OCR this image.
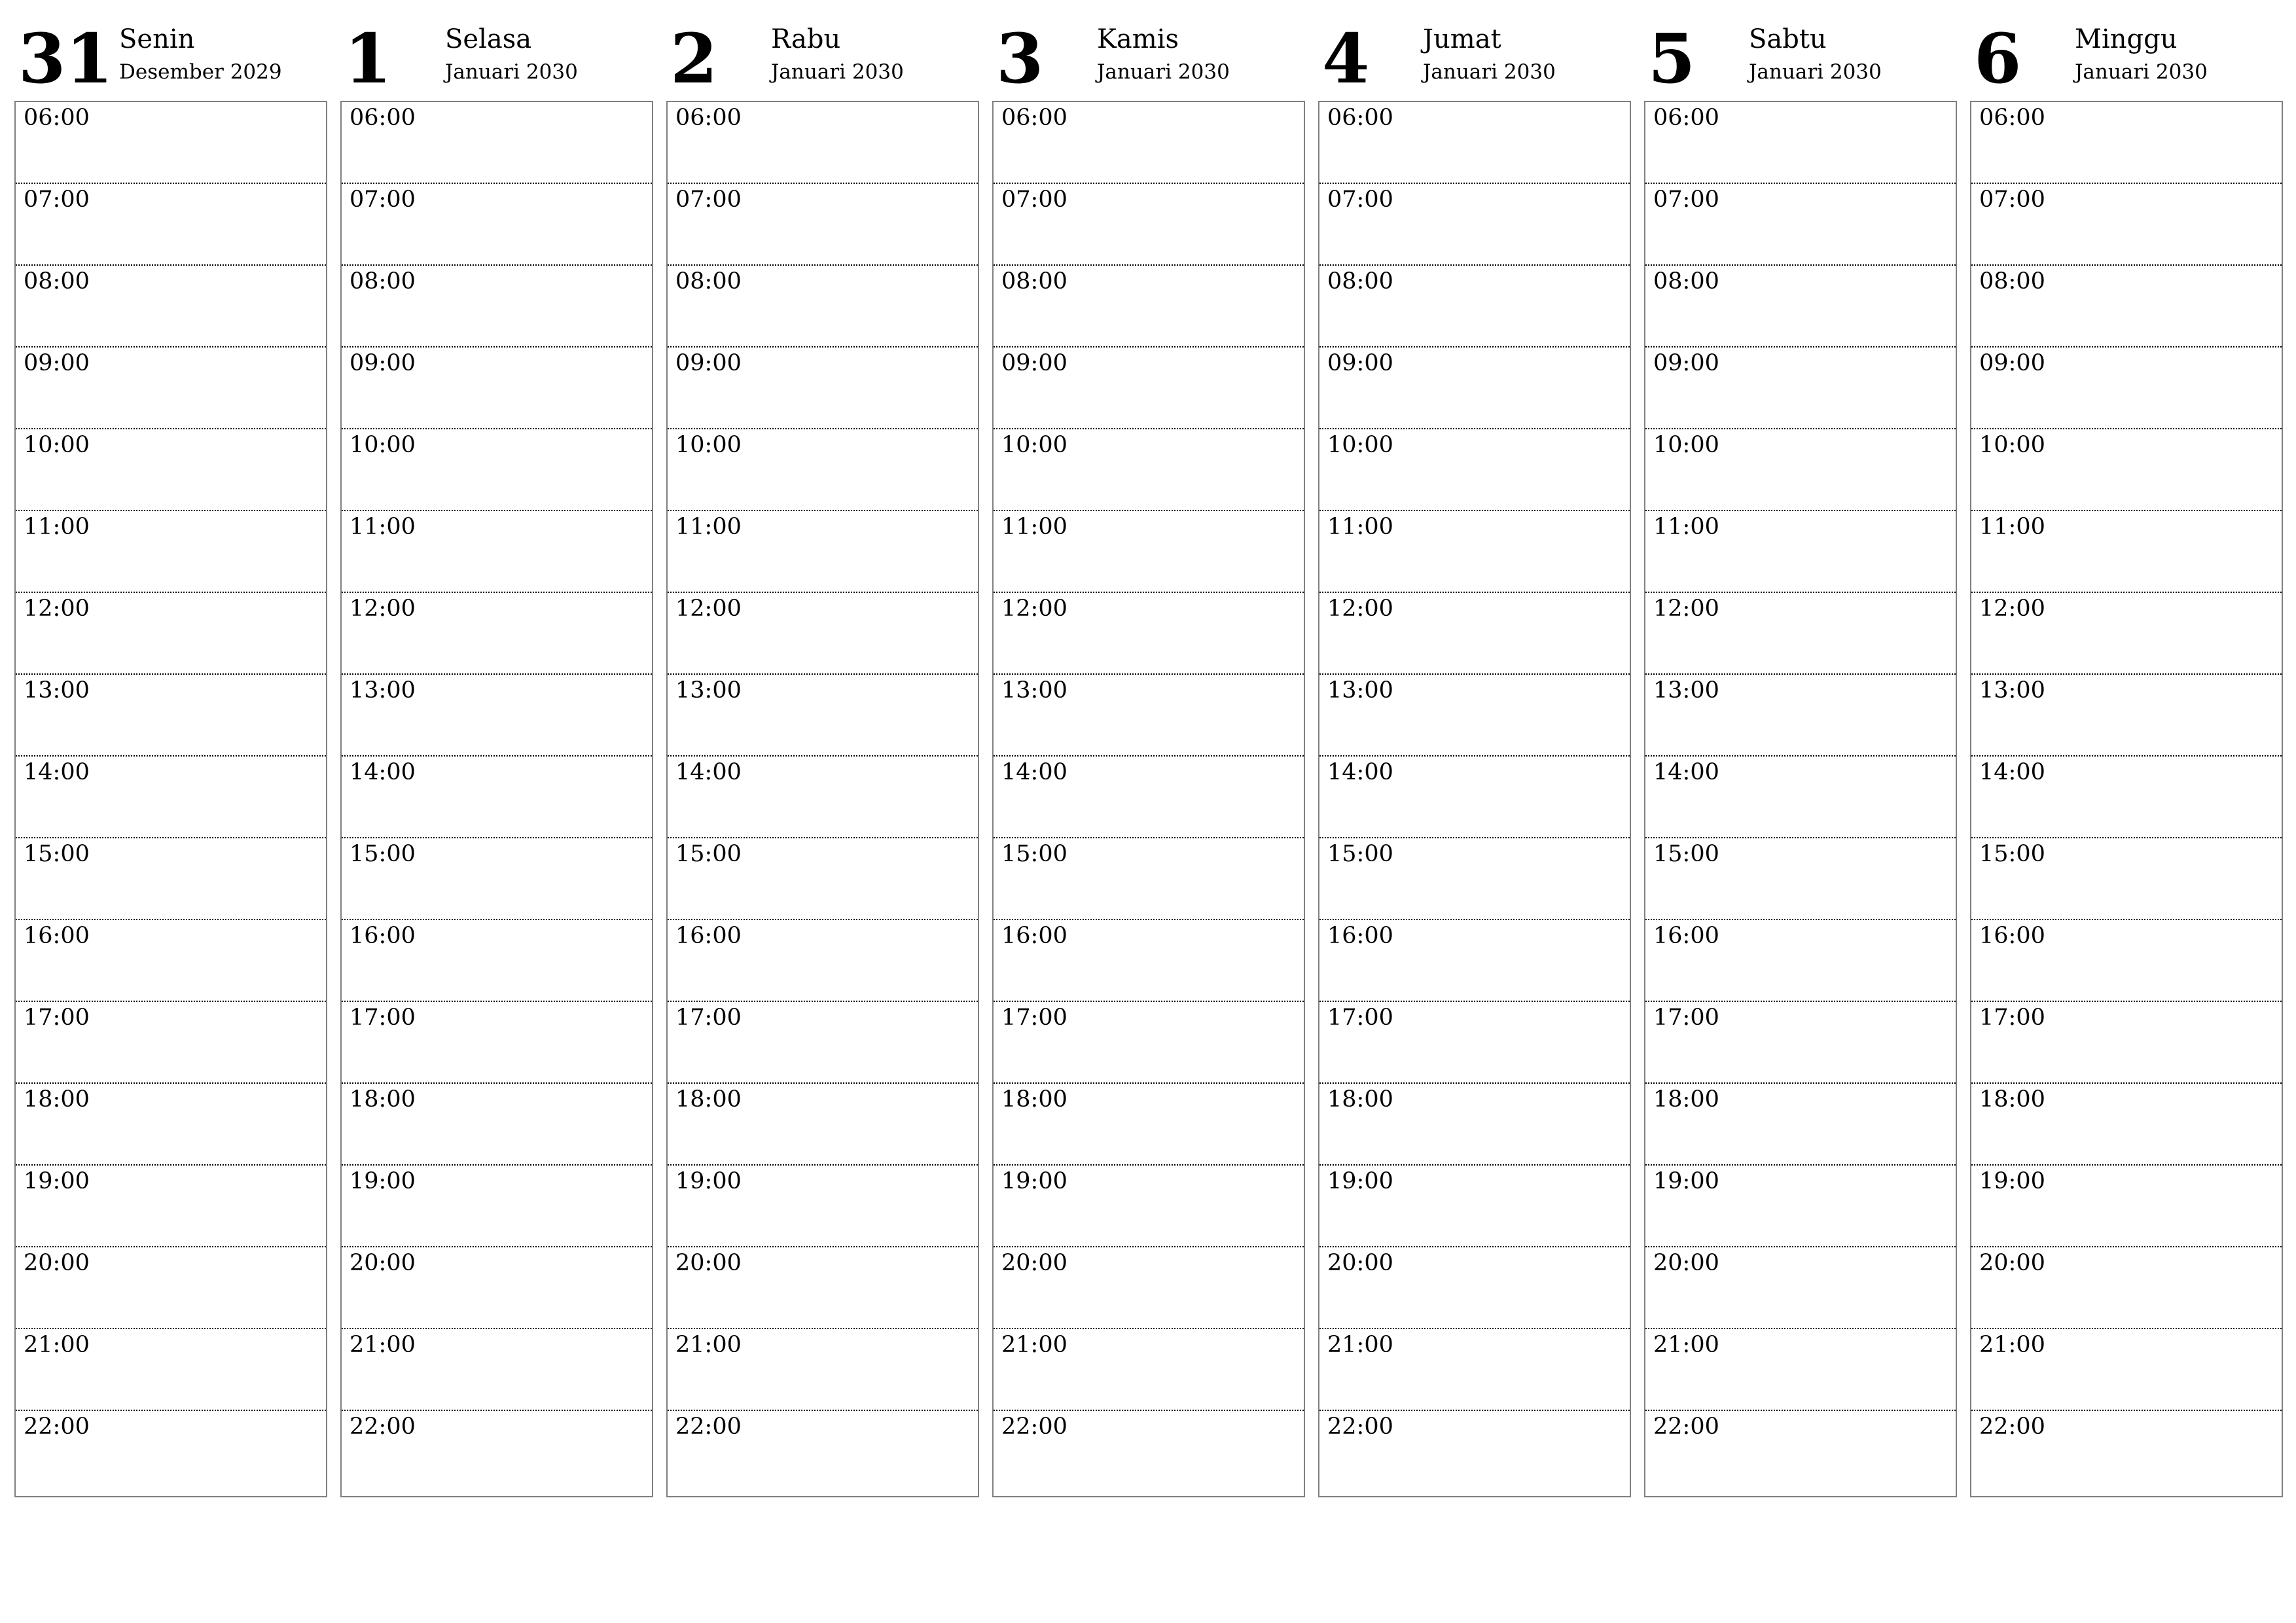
31 Senin
Desember 2029
06:00
07:00
08:00
09:00
10:00
11:00
12:00
13:00
14:00
15:00
16:00
17:00
18:00
19:00
20:00
21:00
22:00
1 Selasa
Januari 2030
06:00
07:00
08:00
09:00
10:00
11:00
12:00
13:00
14:00
15:00
16:00
17:00
18:00
19:00
20:00
21:00
22:00
2 Rabu
Januari 2030
06:00
07:00
08:00
09:00
10:00
11:00
12:00
13:00
14:00
15:00
16:00
17:00
18:00
19:00
20:00
21:00
22:00
3 Kamis
Januari 2030
06:00
07:00
08:00
09:00
10:00
11:00
12:00
13:00
14:00
15:00
16:00
17:00
18:00
19:00
20:00
21:00
22:00
4 Jumat
Januari 2030
06:00
07:00
08:00
09:00
10:00
11:00
12:00
13:00
14:00
15:00
16:00
17:00
18:00
19:00
20:00
21:00
22:00
5 Sabtu
Januari 2030
06:00
07:00
08:00
09:00
10:00
11:00
12:00
13:00
14:00
15:00
16:00
17:00
18:00
19:00
20:00
21:00
22:00
6 Minggu
Januari 2030
06:00
07:00
08:00
09:00
10:00
11:00
12:00
13:00
14:00
15:00
16:00
17:00
18:00
19:00
20:00
21:00
22:00
